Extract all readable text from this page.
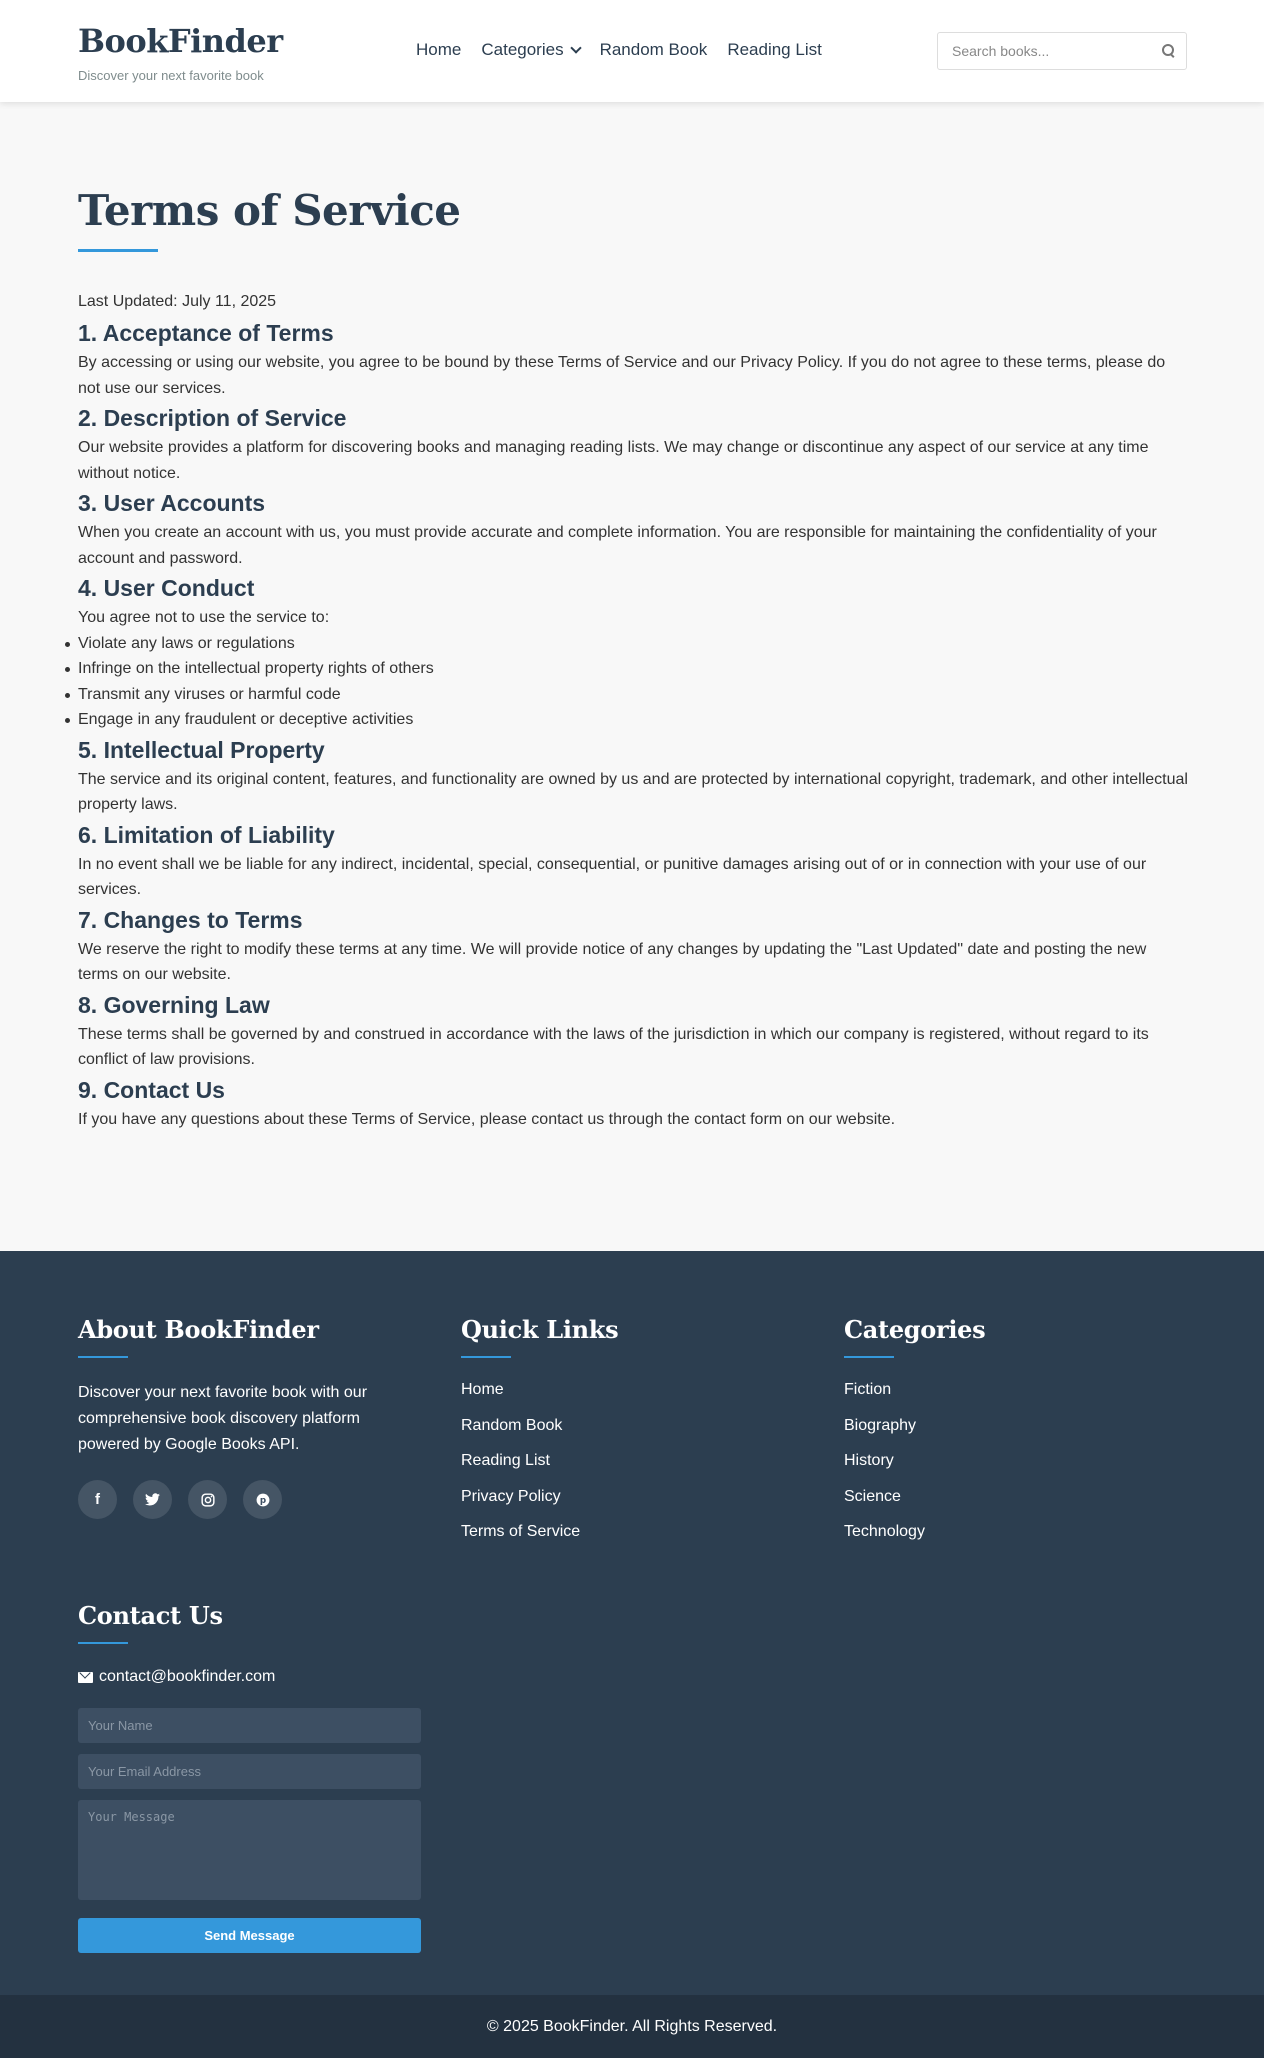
BookFinder
Discover your next favorite book
Home Categories Random Book Reading List
Search books...
Terms of Service
Last Updated: July 11, 2025
1. Acceptance of Terms

By accessing or using our website, you agree to be bound by these Terms of Service and our Privacy Policy. If you do not agree to these terms, please do not use our services.

2. Description of Service

Our website provides a platform for discovering books and managing reading lists. We may change or discontinue any aspect of our service at any time without notice.

3. User Accounts

When you create an account with us, you must provide accurate and complete information. You are responsible for maintaining the confidentiality of your account and password.

4. User Conduct

You agree not to use the service to:

Violate any laws or regulations
Infringe on the intellectual property rights of others
Transmit any viruses or harmful code
Engage in any fraudulent or deceptive activities
5. Intellectual Property

The service and its original content, features, and functionality are owned by us and are protected by international copyright, trademark, and other intellectual property laws.

6. Limitation of Liability

In no event shall we be liable for any indirect, incidental, special, consequential, or punitive damages arising out of or in connection with your use of our services.

7. Changes to Terms

We reserve the right to modify these terms at any time. We will provide notice of any changes by updating the "Last Updated" date and posting the new terms on our website.

8. Governing Law

These terms shall be governed by and construed in accordance with the laws of the jurisdiction in which our company is registered, without regard to its conflict of law provisions.

9. Contact Us

If you have any questions about these Terms of Service, please contact us through the contact form on our website.

About BookFinder

Discover your next favorite book with our comprehensive book discovery platform powered by Google Books API.

f	p
Quick Links
Home
Random Book
Reading List
Privacy Policy
Terms of Service
Categories
Fiction
Biography
History
Science
Technology
Contact Us
contact@bookfinder.com
Your Name
Your Email Address
Your Message
Send Message
© 2025 BookFinder. All Rights Reserved.
